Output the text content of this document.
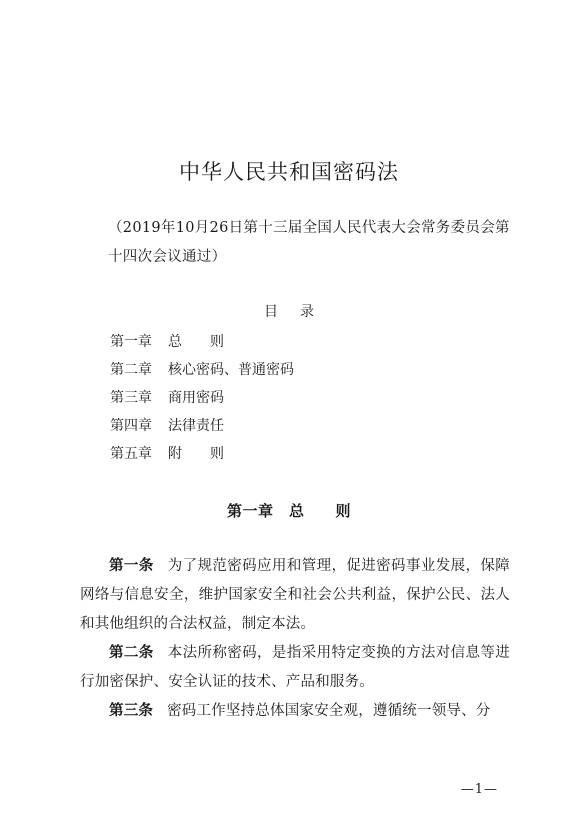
中华人民共和国密码法
（2019年10月26日第十三届全国人民代表大会常务委员会第十四次会议通过）
目录
第一章 总　　则
第二章 核心密码、普通密码
第三章 商用密码
第四章 法律责任
第五章 附　　则
第一章　总　　则

第一条 为了规范密码应用和管理，促进密码事业发展，保障网络与信息安全，维护国家安全和社会公共利益，保护公民、法人和其他组织的合法权益，制定本法。

第二条 本法所称密码，是指采用特定变换的方法对信息等进行加密保护、安全认证的技术、产品和服务。

第三条 密码工作坚持总体国家安全观，遵循统一领导、分

—1—
